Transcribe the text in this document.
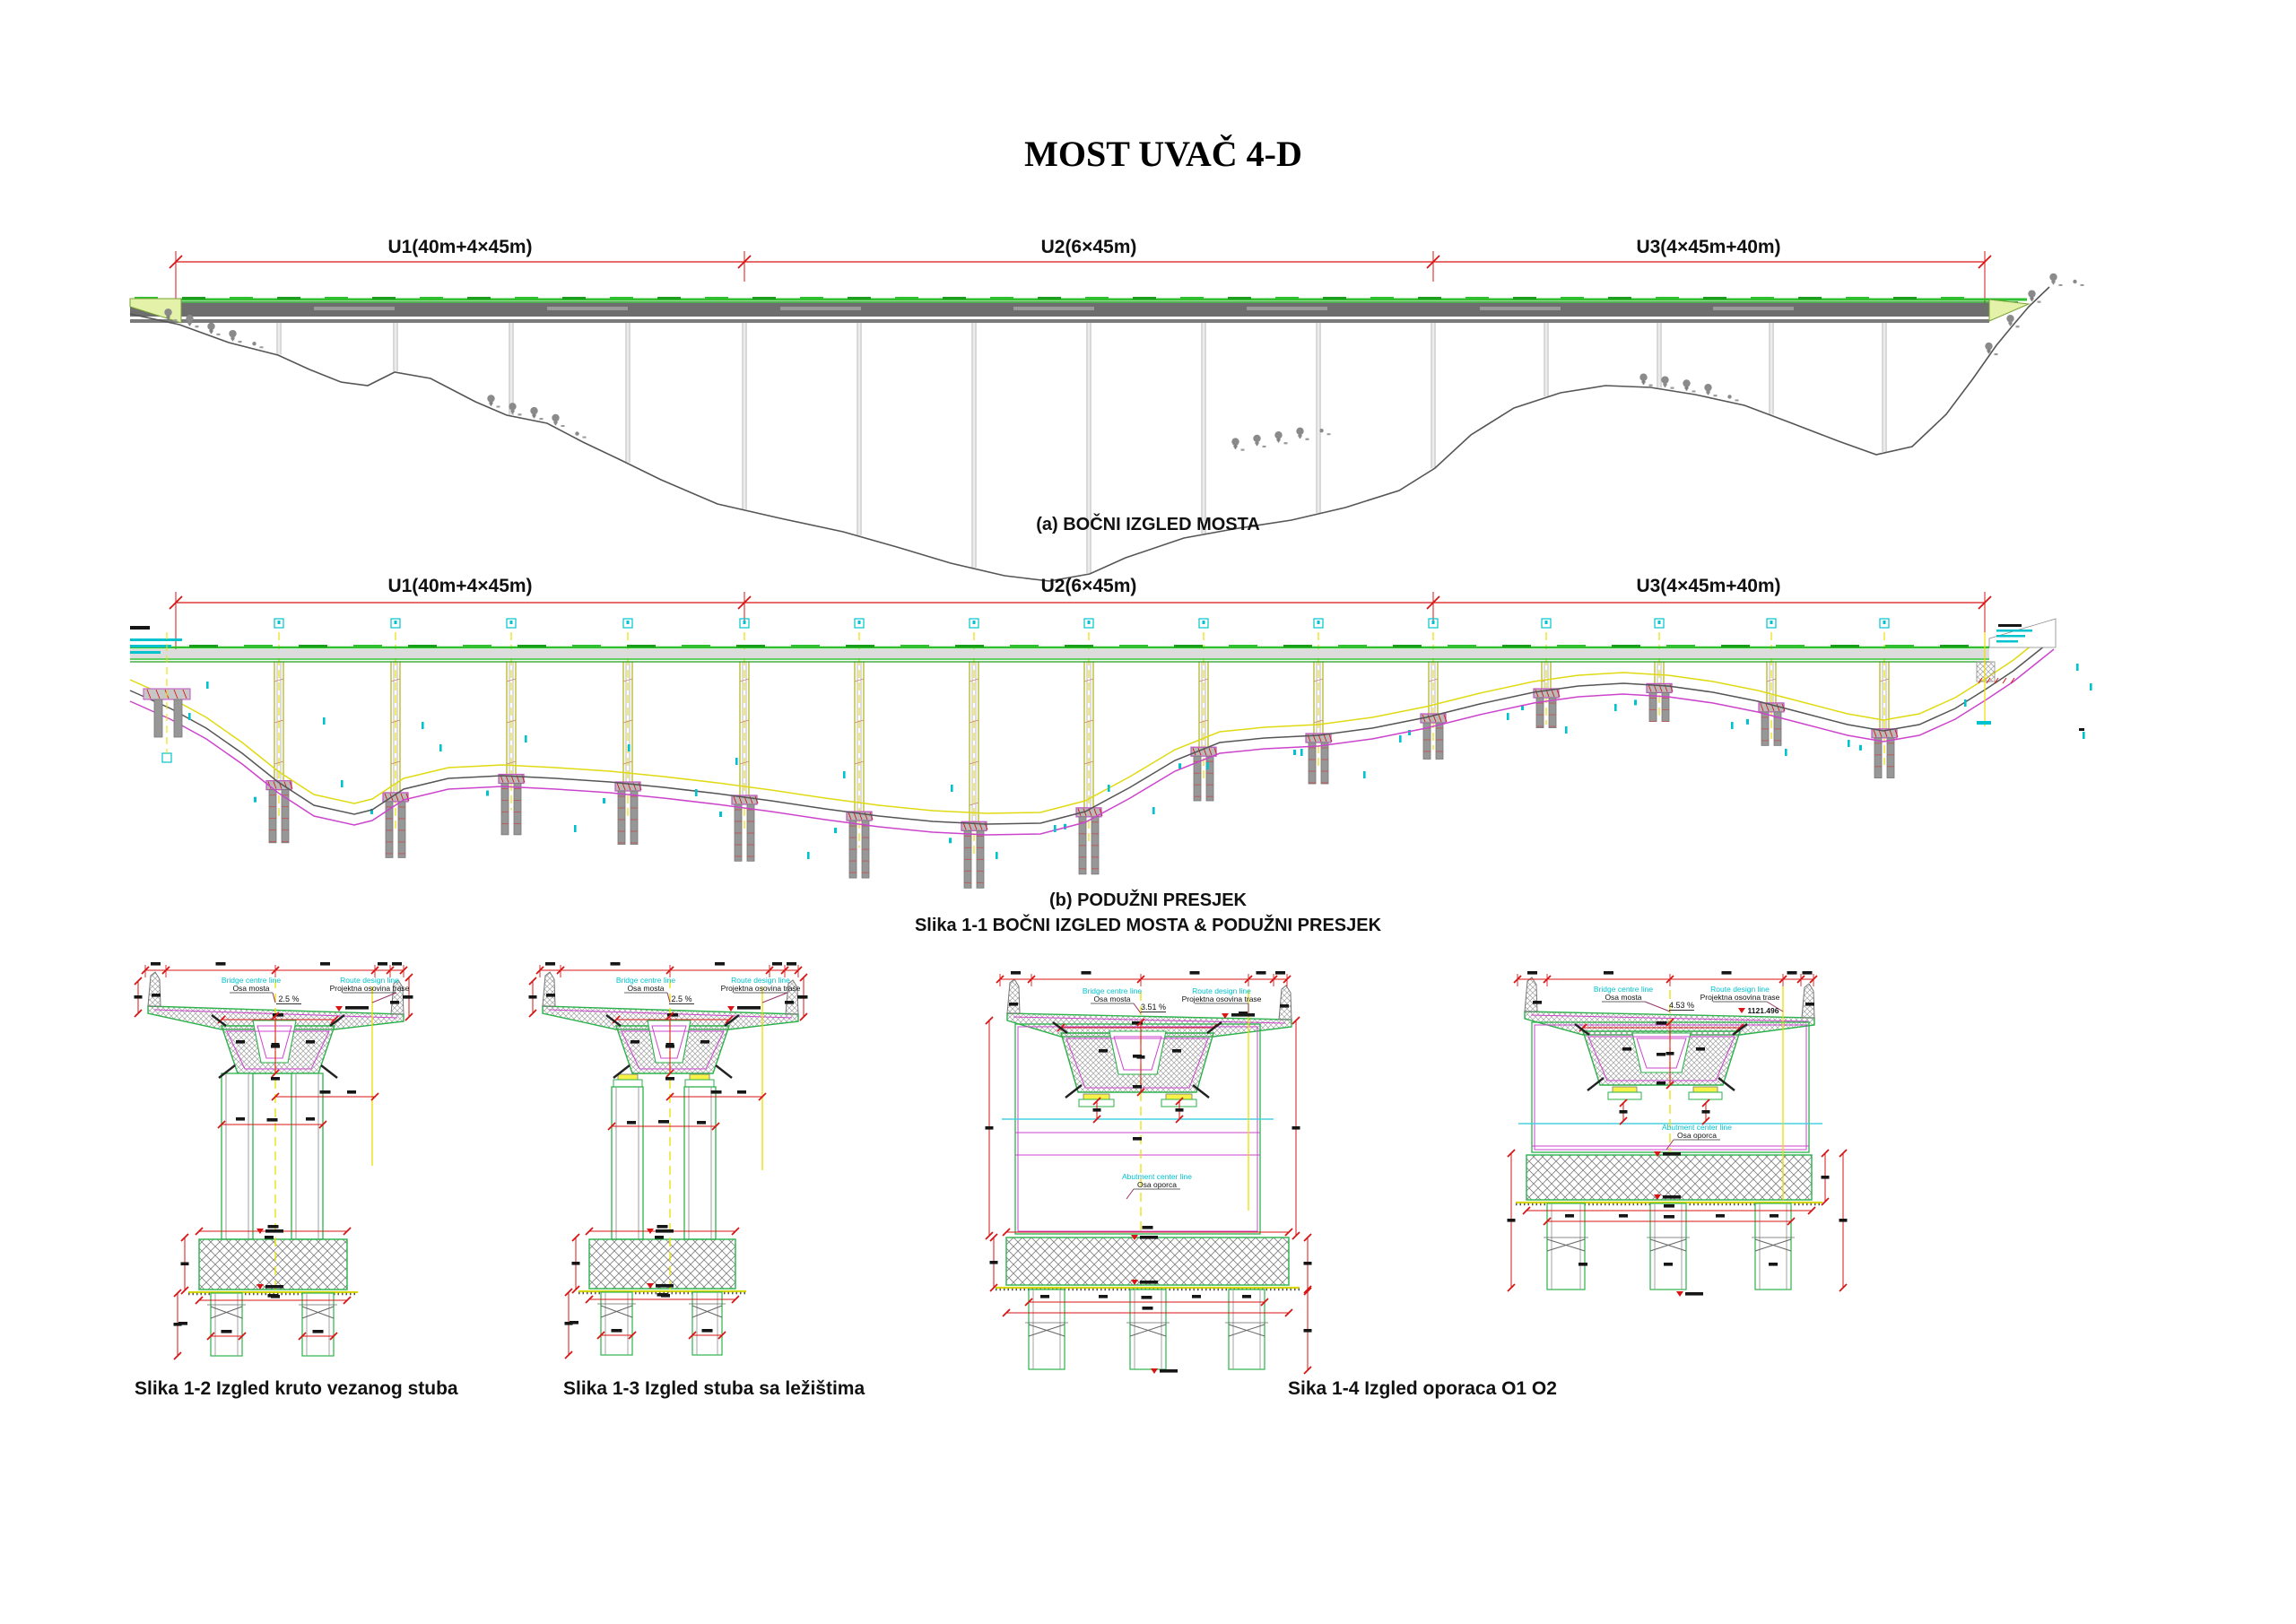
MOST UVAČ 4-D
U1(40m+4×45m)	U2(6×45m)	U3(4×45m+40m)
(a) BOČNI IZGLED MOSTA
U1(40m+4×45m)	U2(6×45m)	U3(4×45m+40m)
(b) PODUŽNI PRESJEK
Slika 1-1 BOČNI IZGLED MOSTA & PODUŽNI PRESJEK
Bridge centre line
Osa mosta
Route design line
Projektna osovina trase
2.5 %
Bridge centre line
Osa mosta
Route design line
Projektna osovina trase
2.5 %
Bridge centre line
Osa mosta
Route design line
Projektna osovina trase
Abutment center line
Osa oporca
3.51 %
Bridge centre line
Osa mosta
Route design line
Projektna osovina trase
Abutment center line
Osa oporca
4.53 %
1121.496
Slika 1-2 Izgled kruto vezanog stuba	Slika 1-3 Izgled stuba sa ležištima	Sika 1-4 Izgled oporaca O1 O2
